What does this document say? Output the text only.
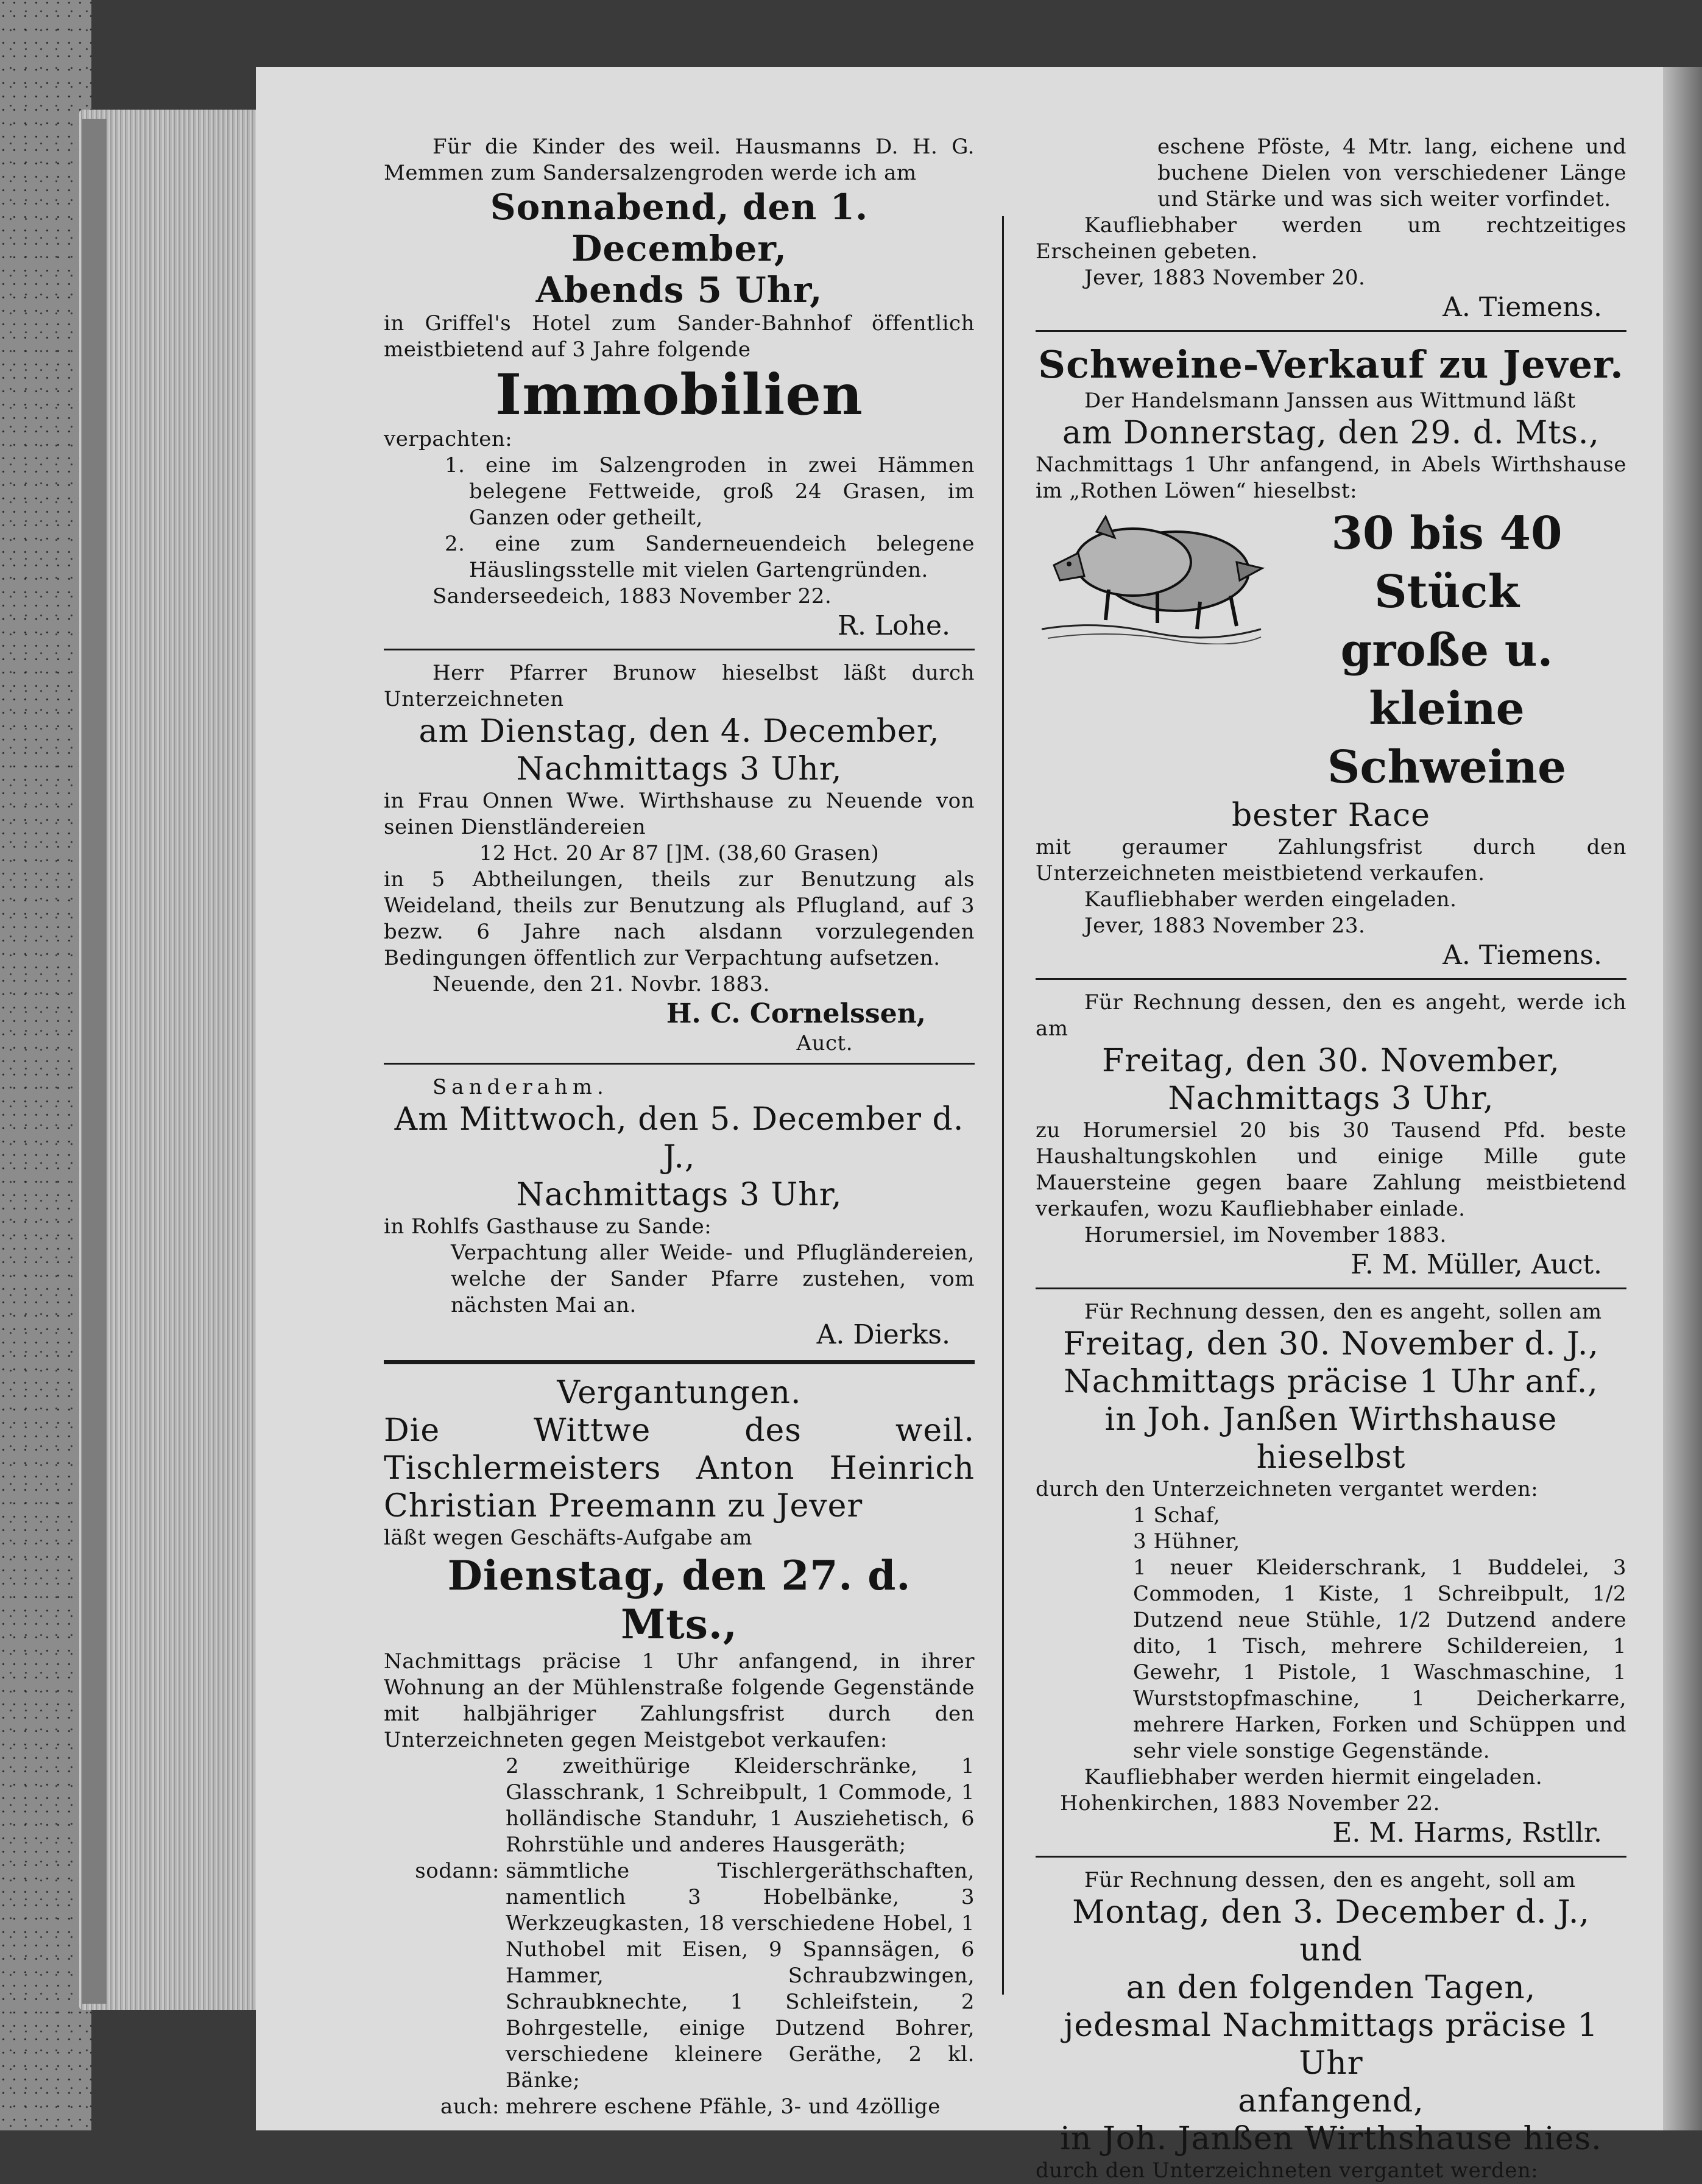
Für die Kinder des weil. Hausmanns D. H. G. Memmen zum Sandersalzengroden werde ich am

Sonnabend, den 1. December,

Abends 5 Uhr,

in Griffel's Hotel zum Sander-Bahnhof öffentlich meistbietend auf 3 Jahre folgende

Immobilien

verpachten:

1. eine im Salzengroden in zwei Hämmen belegene Fettweide, groß 24 Grasen, im Ganzen oder getheilt,

2. eine zum Sanderneuendeich belegene Häuslingsstelle mit vielen Gartengründen.

Sanderseedeich, 1883 November 22.

R. Lohe.

Herr Pfarrer Brunow hieselbst läßt durch Unterzeichneten

am Dienstag, den 4. December,

Nachmittags 3 Uhr,

in Frau Onnen Wwe. Wirthshause zu Neuende von seinen Dienstländereien

12 Hct. 20 Ar 87 []M. (38,60 Grasen)

in 5 Abtheilungen, theils zur Benutzung als Weideland, theils zur Benutzung als Pflugland, auf 3 bezw. 6 Jahre nach alsdann vorzulegenden Bedingungen öffentlich zur Verpachtung aufsetzen.

Neuende, den 21. Novbr. 1883.

H. C. Cornelssen,

Auct.

Sanderahm.

Am Mittwoch, den 5. December d. J.,

Nachmittags 3 Uhr,

in Rohlfs Gasthause zu Sande:

Verpachtung aller Weide- und Pflugländereien, welche der Sander Pfarre zustehen, vom nächsten Mai an.

A. Dierks.

Vergantungen.

Die Wittwe des weil. Tischlermeisters Anton Heinrich Christian Preemann zu Jever

läßt wegen Geschäfts-Aufgabe am

Dienstag, den 27. d. Mts.,

Nachmittags präcise 1 Uhr anfangend, in ihrer Wohnung an der Mühlenstraße folgende Gegenstände mit halbjähriger Zahlungsfrist durch den Unterzeichneten gegen Meistgebot verkaufen:

2 zweithürige Kleiderschränke, 1 Glasschrank, 1 Schreibpult, 1 Commode, 1 holländische Standuhr, 1 Ausziehetisch, 6 Rohrstühle und anderes Hausgeräth;

sodann: sämmtliche Tischlergeräthschaften, namentlich 3 Hobelbänke, 3 Werkzeugkasten, 18 verschiedene Hobel, 1 Nuthobel mit Eisen, 9 Spannsägen, 6 Hammer, Schraubzwingen, Schraubknechte, 1 Schleifstein, 2 Bohrgestelle, einige Dutzend Bohrer, verschiedene kleinere Geräthe, 2 kl. Bänke;

auch: mehrere eschene Pfähle, 3- und 4zöllige

eschene Pföste, 4 Mtr. lang, eichene und buchene Dielen von verschiedener Länge und Stärke und was sich weiter vorfindet.

Kaufliebhaber werden um rechtzeitiges Erscheinen gebeten.

Jever, 1883 November 20.

A. Tiemens.

Schweine-Verkauf zu Jever.

Der Handelsmann Janssen aus Wittmund läßt

am Donnerstag, den 29. d. Mts.,

Nachmittags 1 Uhr anfangend, in Abels Wirthshause im „Rothen Löwen“ hieselbst:

30 bis 40 Stück

große u. kleine

Schweine

bester Race

mit geraumer Zahlungsfrist durch den Unterzeichneten meistbietend verkaufen.

Kaufliebhaber werden eingeladen.

Jever, 1883 November 23.

A. Tiemens.

Für Rechnung dessen, den es angeht, werde ich am

Freitag, den 30. November,

Nachmittags 3 Uhr,

zu Horumersiel 20 bis 30 Tausend Pfd. beste Haushaltungskohlen und einige Mille gute Mauersteine gegen baare Zahlung meistbietend verkaufen, wozu Kaufliebhaber einlade.

Horumersiel, im November 1883.

F. M. Müller, Auct.

Für Rechnung dessen, den es angeht, sollen am

Freitag, den 30. November d. J.,

Nachmittags präcise 1 Uhr anf.,

in Joh. Janßen Wirthshause hieselbst

durch den Unterzeichneten vergantet werden:

1 Schaf,

3 Hühner,

1 neuer Kleiderschrank, 1 Buddelei, 3 Commoden, 1 Kiste, 1 Schreibpult, 1/2 Dutzend neue Stühle, 1/2 Dutzend andere dito, 1 Tisch, mehrere Schildereien, 1 Gewehr, 1 Pistole, 1 Waschmaschine, 1 Wurststopfmaschine, 1 Deicherkarre, mehrere Harken, Forken und Schüppen und sehr viele sonstige Gegenstände.

Kaufliebhaber werden hiermit eingeladen.

Hohenkirchen, 1883 November 22.

E. M. Harms, Rstllr.

Für Rechnung dessen, den es angeht, soll am

Montag, den 3. December d. J., und

an den folgenden Tagen,

jedesmal Nachmittags präcise 1 Uhr

anfangend,

in Joh. Janßen Wirthshause hies.

durch den Unterzeichneten vergantet werden:
